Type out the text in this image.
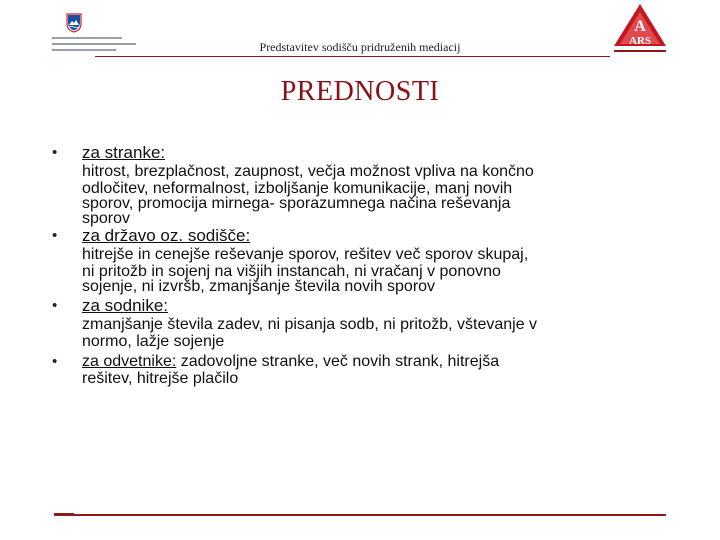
Predstavitev sodišču pridruženih mediacij
A
ARS
PREDNOSTI
• za stranke:
hitrost, brezplačnost, zaupnost, večja možnost vpliva na končno
odločitev, neformalnost, izboljšanje komunikacije, manj novih
sporov, promocija mirnega- sporazumnega načina reševanja
sporov
• za državo oz. sodišče:
hitrejše in cenejše reševanje sporov, rešitev več sporov skupaj,
ni pritožb in sojenj na višjih instancah, ni vračanj v ponovno
sojenje, ni izvršb, zmanjšanje števila novih sporov
• za sodnike:
zmanjšanje števila zadev, ni pisanja sodb, ni pritožb, vštevanje v
normo, lažje sojenje
• za odvetnike: zadovoljne stranke, več novih strank, hitrejša
rešitev, hitrejše plačilo
